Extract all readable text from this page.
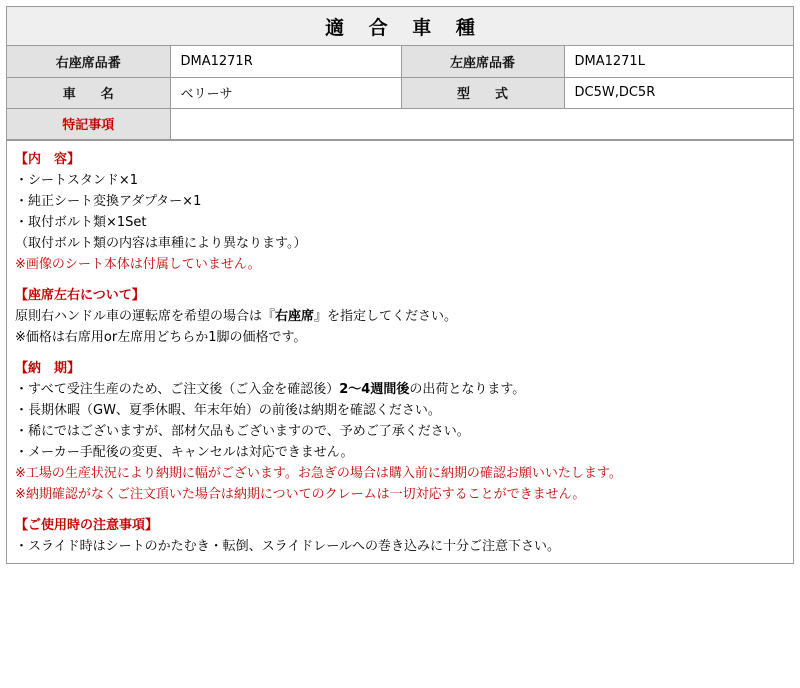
適 合 車 種
右座席品番	DMA1271R	左座席品番	DMA1271L
車　名	ベリーサ	型　式	DC5W,DC5R
特記事項			
【内　容】
・シートスタンド×1
・純正シート変換アダプター×1
・取付ボルト類×1Set
（取付ボルト類の内容は車種により異なります。）
※画像のシート本体は付属していません。

【座席左右について】
原則右ハンドル車の運転席を希望の場合は『右座席』を指定してください。
※価格は右席用or左席用どちらか1脚の価格です。

【納　期】
・すべて受注生産のため、ご注文後（ご入金を確認後）2〜4週間後の出荷となります。
・長期休暇（GW、夏季休暇、年末年始）の前後は納期を確認ください。
・稀にではございますが、部材欠品もございますので、予めご了承ください。
・メーカー手配後の変更、キャンセルは対応できません。
※工場の生産状況により納期に幅がございます。お急ぎの場合は購入前に納期の確認お願いいたします。
※納期確認がなくご注文頂いた場合は納期についてのクレームは一切対応することができません。

【ご使用時の注意事項】
・スライド時はシートのかたむき・転倒、スライドレールへの巻き込みに十分ご注意下さい。
